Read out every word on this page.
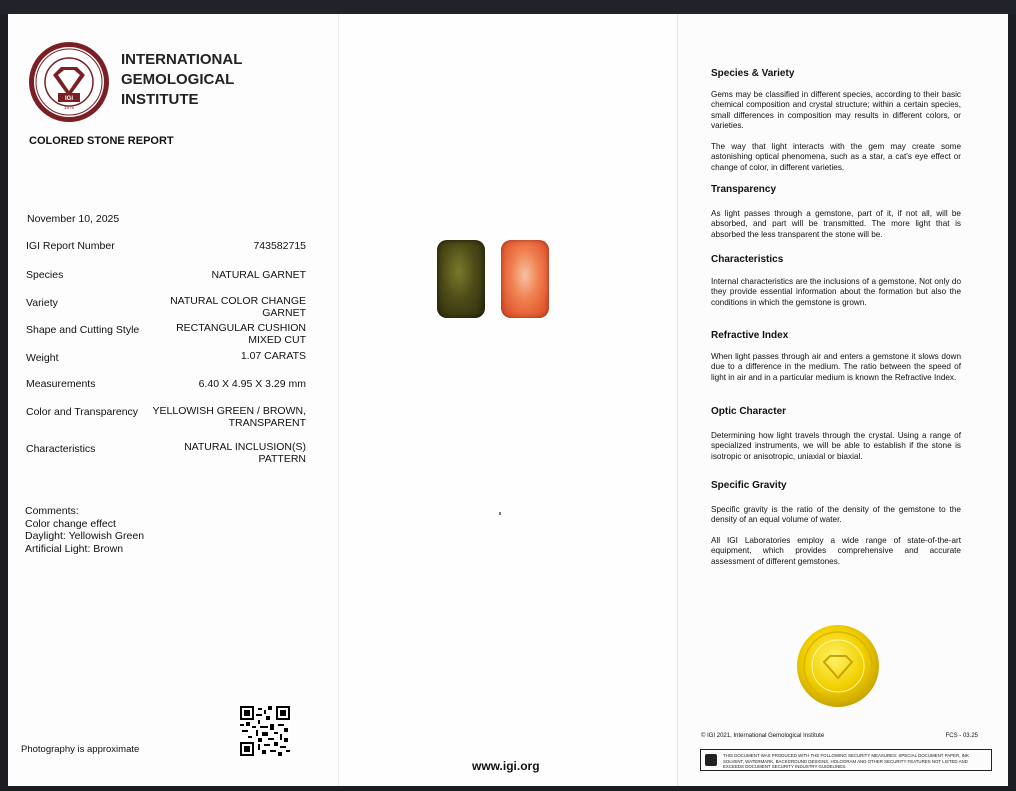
IGI
1975
INTERNATIONAL
GEMOLOGICAL
INSTITUTE
COLORED STONE REPORT
November 10, 2025
IGI Report Number	743582715
Species	NATURAL GARNET
Variety	NATURAL COLOR CHANGE
GARNET
Shape and Cutting Style	RECTANGULAR CUSHION
MIXED CUT
Weight	1.07 CARATS
Measurements	6.40 X 4.95 X 3.29 mm
Color and Transparency YELLOWISH GREEN / BROWN,
TRANSPARENT
Characteristics	NATURAL INCLUSION(S)
PATTERN
Comments:
Color change effect
Daylight: Yellowish Green
Artificial Light: Brown
Photography is approximate
www.igi.org
Species & Variety
Gems may be classified in different species, according to their basic chemical composition and crystal structure; within a certain species, small differences in composition may results in different colors, or varieties.
The way that light interacts with the gem may create some astonishing optical phenomena, such as a star, a cat's eye effect or change of color, in different varieties.
Transparency
As light passes through a gemstone, part of it, if not all, will be absorbed, and part will be transmitted. The more light that is absorbed the less transparent the stone will be.
Characteristics
Internal characteristics are the inclusions of a gemstone. Not only do they provide essential information about the formation but also the conditions in which the gemstone is grown.
Refractive Index
When light passes through air and enters a gemstone it slows down due to a difference in the medium. The ratio between the speed of light in air and in a particular medium is known the Refractive Index.
Optic Character
Determining how light travels through the crystal. Using a range of specialized instruments, we will be able to establish if the stone is isotropic or anisotropic, uniaxial or biaxial.
Specific Gravity
Specific gravity is the ratio of the density of the gemstone to the density of an equal volume of water.
All IGI Laboratories employ a wide range of state-of-the-art equipment, which provides comprehensive and accurate assessment of different gemstones.
© IGI 2021, International Gemological Institute	FCS - 03.25
THIS DOCUMENT WAS PRODUCED WITH THE FOLLOWING SECURITY MEASURES: SPECIAL DOCUMENT PAPER, INK SOLVENT, WATERMARK, BACKGROUND DESIGNS, HOLOGRAM AND OTHER SECURITY FEATURES NOT LISTED AND EXCEEDS DOCUMENT SECURITY INDUSTRY GUIDELINES.
